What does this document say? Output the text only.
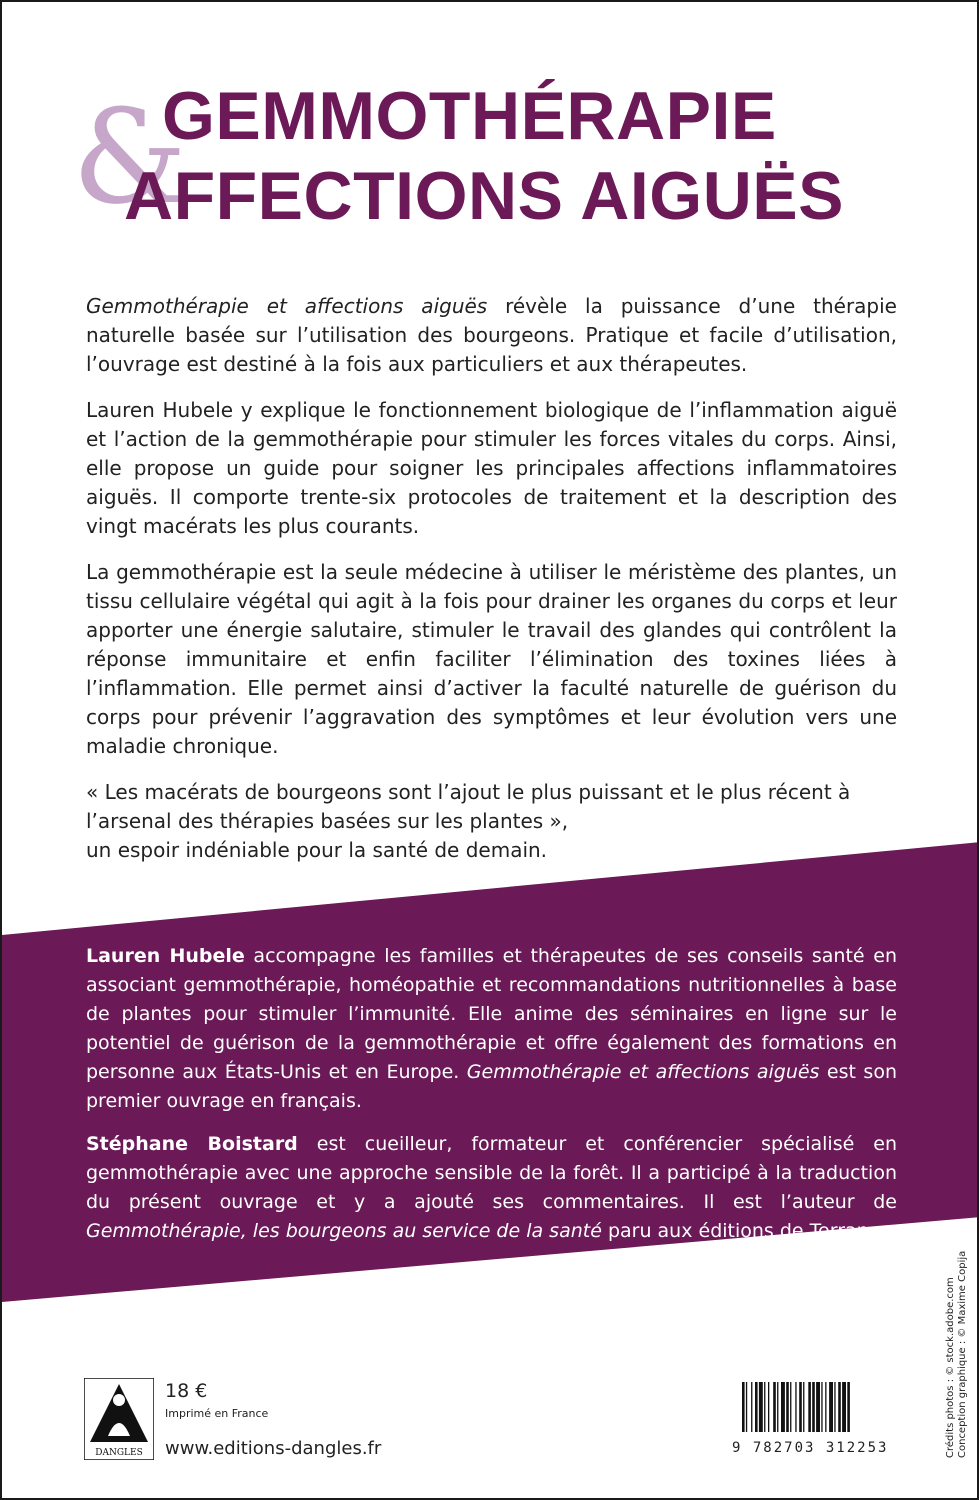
&
GEMMOTHÉRAPIE
AFFECTIONS AIGUËS

Gemmothérapie et affections aiguës révèle la puissance d’une thérapie naturelle basée sur l’utilisation des bourgeons. Pratique et facile d’utilisation, l’ouvrage est destiné à la fois aux particuliers et aux thérapeutes.

Lauren Hubele y explique le fonctionnement biologique de l’inflammation aiguë et l’action de la gemmothérapie pour stimuler les forces vitales du corps. Ainsi, elle propose un guide pour soigner les principales affections inflammatoires aiguës. Il comporte trente-six protocoles de traitement et la description des vingt macérats les plus courants.

La gemmothérapie est la seule médecine à utiliser le méristème des plantes, un tissu cellulaire végétal qui agit à la fois pour drainer les organes du corps et leur apporter une énergie salutaire, stimuler le travail des glandes qui contrôlent la réponse immunitaire et enfin faciliter l’élimination des toxines liées à l’inflammation. Elle permet ainsi d’activer la faculté naturelle de guérison du corps pour prévenir l’aggravation des symptômes et leur évolution vers une maladie chronique.

« Les macérats de bourgeons sont l’ajout le plus puissant et le plus récent à l’arsenal des thérapies basées sur les plantes »,
un espoir indéniable pour la santé de demain.

Lauren Hubele accompagne les familles et thérapeutes de ses conseils santé en associant gemmothérapie, homéopathie et recommandations nutritionnelles à base de plantes pour stimuler l’immunité. Elle anime des séminaires en ligne sur le potentiel de guérison de la gemmothérapie et offre également des formations en personne aux États-Unis et en Europe. Gemmothérapie et affections aiguës est son premier ouvrage en français.

Stéphane Boistard est cueilleur, formateur et conférencier spécialisé en gemmothérapie avec une approche sensible de la forêt. Il a participé à la traduction du présent ouvrage et y a ajouté ses commentaires. Il est l’auteur de Gemmothérapie, les bourgeons au service de la santé paru aux éditions de Terran.

DANGLES
18 €
Imprimé en France
www.editions-dangles.fr	9 782703 312253	Crédits photos : © stock.adobe.com Conception graphique : © Maxime Copija
